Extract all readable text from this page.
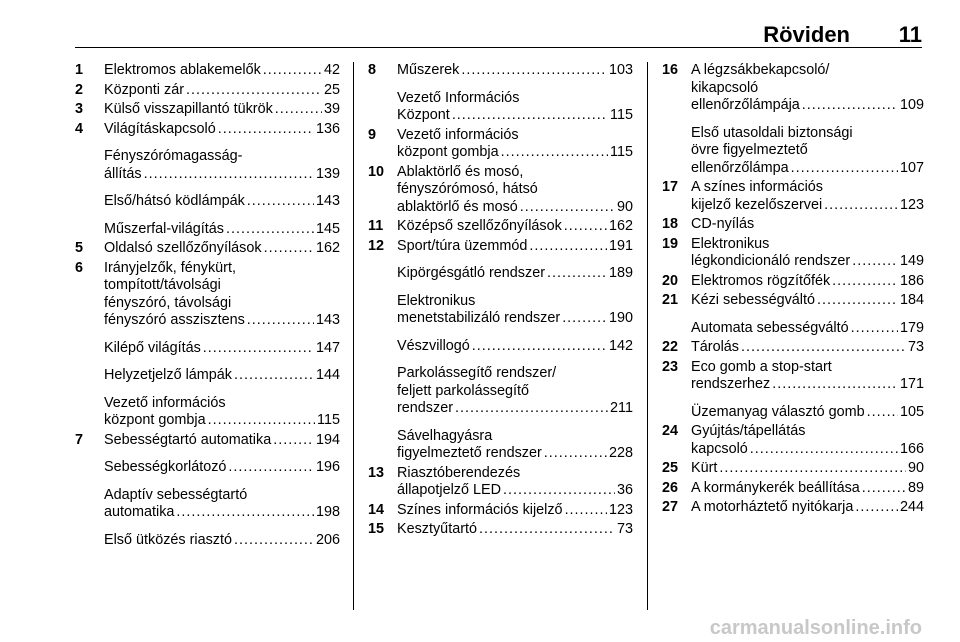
Röviden 11
1 Elektromos ablakemelők . . .	42
2 Központi zár . . .	25
3 Külső visszapillantó tükrök . . .	39
4 Világításkapcsoló . . .	136
Fényszórómagasság-
állítás . . .	139
Első/hátsó ködlámpák . . .	143
Műszerfal-világítás . . .	145
5 Oldalsó szellőzőnyílások . . .	162
6 Irányjelzők, fénykürt,
tompított/távolsági
fényszóró, távolsági
fényszóró asszisztens . . .	143
Kilépő világítás . . .	147
Helyzetjelző lámpák . . .	144
Vezető információs
központ gombja . . .	115
7 Sebességtartó automatika . . .	194
Sebességkorlátozó . . .	196
Adaptív sebességtartó
automatika . . .	198
Első ütközés riasztó . . .	206
8 Műszerek . . .	103
Vezető Információs
Központ . . .	115
9 Vezető információs
központ gombja . . .	115
10 Ablaktörlő és mosó,
fényszórómosó, hátsó
ablaktörlő és mosó . . .	90
11 Középső szellőzőnyílások . . .	162
12 Sport/túra üzemmód . . .	191
Kipörgésgátló rendszer . . .	189
Elektronikus
menetstabilizáló rendszer . . .	190
Vészvillogó . . .	142
Parkolássegítő rendszer/
feljett parkolássegítő
rendszer . . .	211
Sávelhagyásra
figyelmeztető rendszer . . .	228
13 Riasztóberendezés
állapotjelző LED . . .	36
14 Színes információs kijelző . . .	123
15 Kesztyűtartó . . .	73
16 A légzsákbekapcsoló/
kikapcsoló
ellenőrzőlámpája . . .	109
Első utasoldali biztonsági
övre figyelmeztető
ellenőrzőlámpa . . .	107
17 A színes információs
kijelző kezelőszervei . . .	123
18 CD-nyílás
19 Elektronikus
légkondicionáló rendszer . . .	149
20 Elektromos rögzítőfék . . .	186
21 Kézi sebességváltó . . .	184
Automata sebességváltó . . .	179
22 Tárolás . . .	73
23 Eco gomb a stop-start
rendszerhez . . .	171
Üzemanyag választó gomb . . . 105
24 Gyújtás/tápellátás
kapcsoló . . .	166
25 Kürt . . .	90
26 A kormánykerék beállítása . . .	89
27 A motorháztető nyitókarja . . .	244
carmanualsonline.info
